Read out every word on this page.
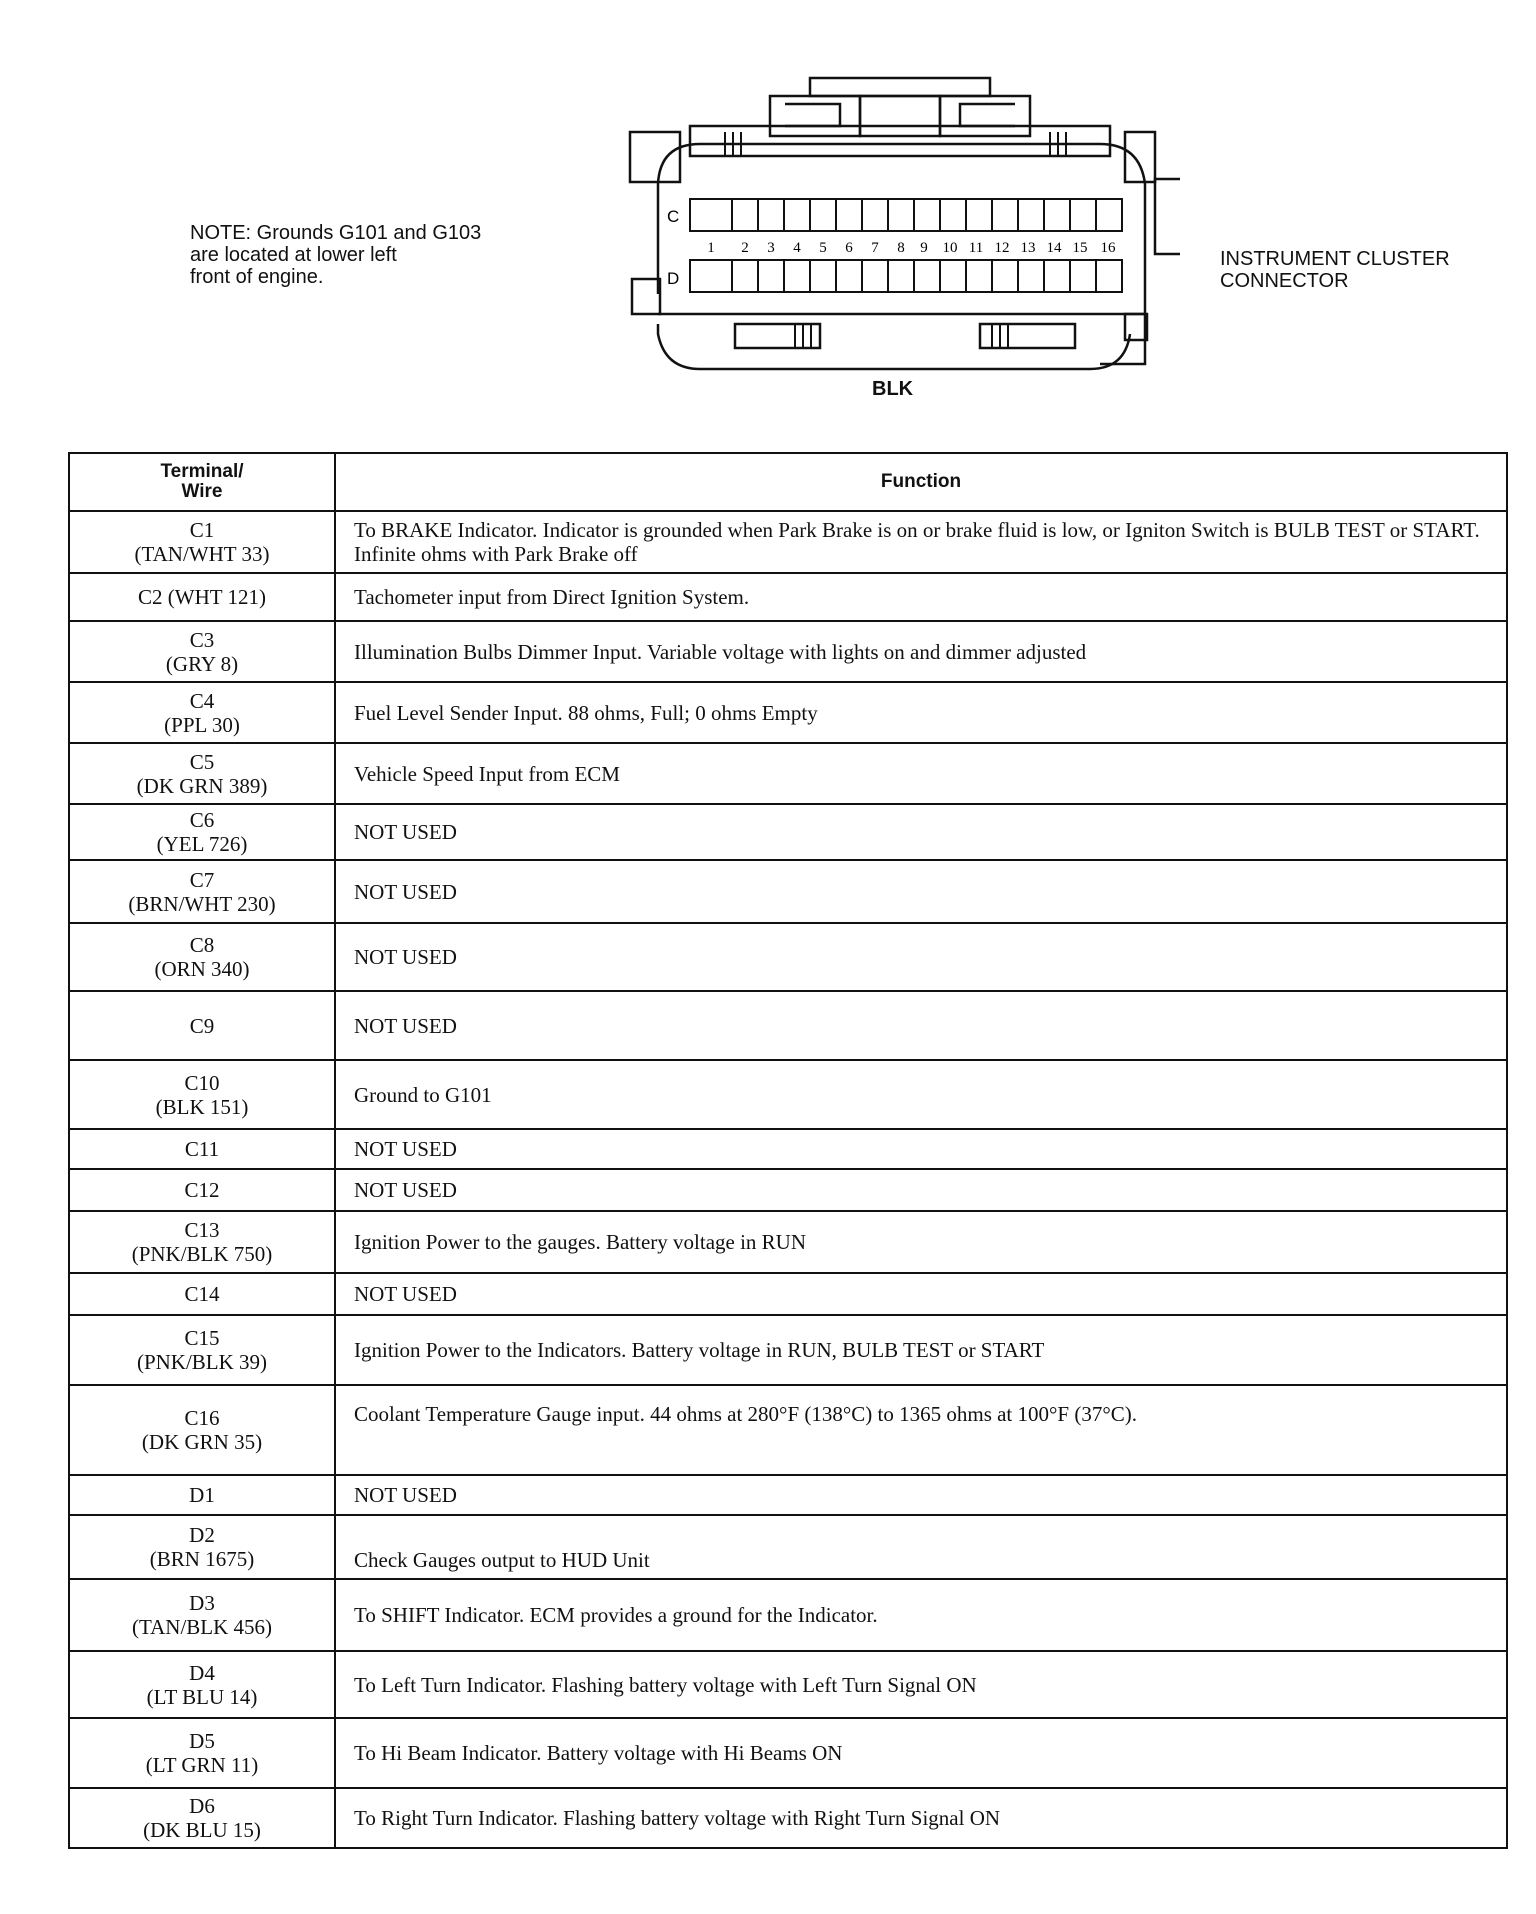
NOTE: Grounds G101 and G103
are located at lower left
front of engine.
C
D
1 2 3 4 5 6 7 8 9 10 11 12 13 14 15 16
BLK
INSTRUMENT CLUSTER
CONNECTOR
Terminal/
Wire	Function

C1
(TAN/WHT 33)	To BRAKE Indicator. Indicator is grounded when Park Brake is on or brake fluid is low, or Igniton Switch is BULB TEST or START. Infinite ohms with Park Brake off

C2 (WHT 121)	Tachometer input from Direct Ignition System.

C3
(GRY 8)	Illumination Bulbs Dimmer Input. Variable voltage with lights on and dimmer adjusted

C4
(PPL 30)	Fuel Level Sender Input. 88 ohms, Full; 0 ohms Empty

C5
(DK GRN 389)	Vehicle Speed Input from ECM

C6
(YEL 726)	NOT USED

C7
(BRN/WHT 230)	NOT USED

C8
(ORN 340)	NOT USED

C9	NOT USED

C10
(BLK 151)	Ground to G101

C11	NOT USED

C12	NOT USED

C13
(PNK/BLK 750)	Ignition Power to the gauges. Battery voltage in RUN

C14	NOT USED

C15
(PNK/BLK 39)	Ignition Power to the Indicators. Battery voltage in RUN, BULB TEST or START

C16
(DK GRN 35)	Coolant Temperature Gauge input. 44 ohms at 280°F (138°C) to 1365 ohms at 100°F (37°C).

D1	NOT USED

D2
(BRN 1675)	Check Gauges output to HUD Unit

D3
(TAN/BLK 456)	To SHIFT Indicator. ECM provides a ground for the Indicator.

D4
(LT BLU 14)	To Left Turn Indicator. Flashing battery voltage with Left Turn Signal ON

D5
(LT GRN 11)	To Hi Beam Indicator. Battery voltage with Hi Beams ON

D6
(DK BLU 15)	To Right Turn Indicator. Flashing battery voltage with Right Turn Signal ON
